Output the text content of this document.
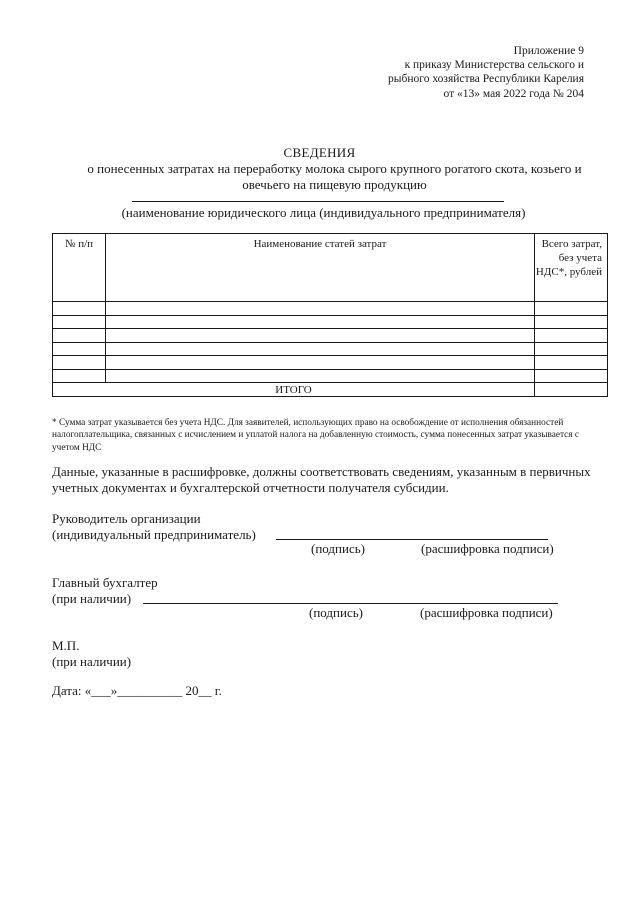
Приложение 9
к приказу Министерства сельского и
рыбного хозяйства Республики Карелия
от «13» мая 2022 года № 204
СВЕДЕНИЯ
о понесенных затратах на переработку молока сырого крупного рогатого скота, козьего и овечьего на пищевую продукцию
(наименование юридического лица (индивидуального предпринимателя)
№ п/п	Наименование статей затрат	Всего затрат, без учета НДС*, рублей

ИТОГО		
* Сумма затрат указывается без учета НДС. Для заявителей, использующих право на освобождение от исполнения обязанностей налогоплательщика, связанных с исчислением и уплатой налога на добавленную стоимость, сумма понесенных затрат указывается с учетом НДС
Данные, указанные в расшифровке, должны соответствовать сведениям, указанным в первичных учетных документах и бухгалтерской отчетности получателя субсидии.
Руководитель организации
(индивидуальный предприниматель)
(подпись)	(расшифровка подписи)
Главный бухгалтер
(при наличии)
(подпись)	(расшифровка подписи)
М.П.
(при наличии)
Дата: «___»__________ 20__ г.
